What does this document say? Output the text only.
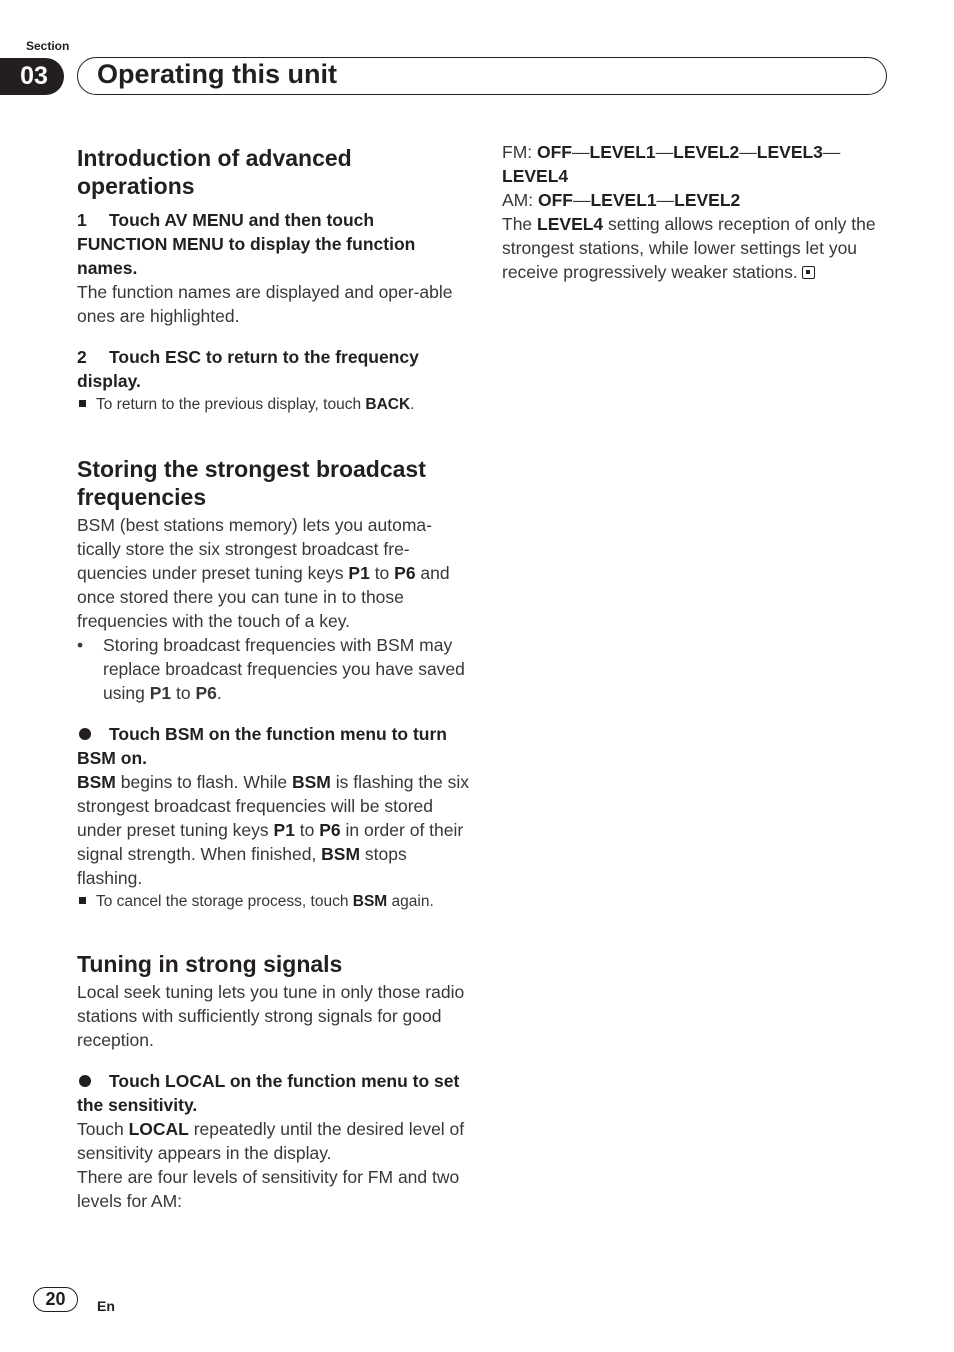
Section
03	Operating this unit
Introduction of advanced operations

1 Touch AV MENU and then touch FUNCTION MENU to display the function names.

The function names are displayed and oper-able ones are highlighted.

2 Touch ESC to return to the frequency display.

To return to the previous display, touch BACK.

Storing the strongest broadcast frequencies

BSM (best stations memory) lets you automa-tically store the six strongest broadcast fre-quencies under preset tuning keys P1 to P6 and once stored there you can tune in to those frequencies with the touch of a key.

•	Storing broadcast frequencies with BSM may replace broadcast frequencies you have saved using P1 to P6.

Touch BSM on the function menu to turn BSM on.

BSM begins to flash. While BSM is flashing the six strongest broadcast frequencies will be stored under preset tuning keys P1 to P6 in order of their signal strength. When finished, BSM stops flashing.

To cancel the storage process, touch BSM again.

Tuning in strong signals

Local seek tuning lets you tune in only those radio stations with sufficiently strong signals for good reception.

Touch LOCAL on the function menu to set the sensitivity.

Touch LOCAL repeatedly until the desired level of sensitivity appears in the display.

There are four levels of sensitivity for FM and two levels for AM:

FM: OFF—LEVEL1—LEVEL2—LEVEL3—
LEVEL4

AM: OFF—LEVEL1—LEVEL2

The LEVEL4 setting allows reception of only the strongest stations, while lower settings let you receive progressively weaker stations.

20	En
